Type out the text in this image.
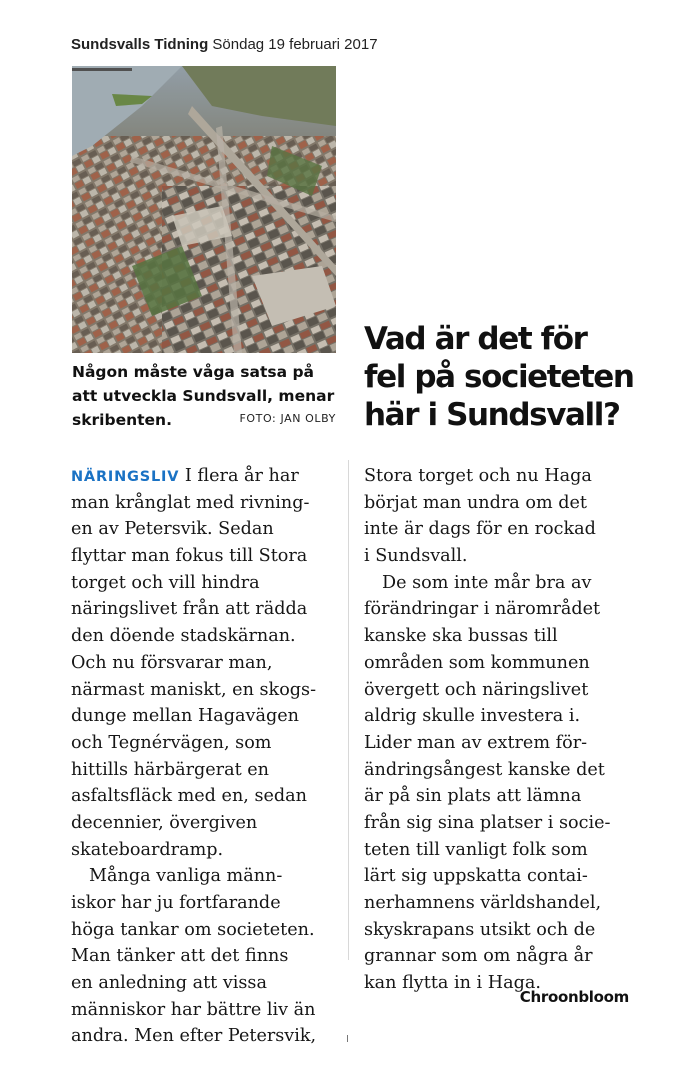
Sundsvalls Tidning Söndag 19 februari 2017
Någon måste våga satsa på
att utveckla Sundsvall, menar
skribenten.	FOTO: JAN OLBY
Vad är det för
fel på societeten
här i Sundsvall?
NÄRINGSLIV I flera år har
man krånglat med rivning-
en av Petersvik. Sedan
flyttar man fokus till Stora
torget och vill hindra
näringslivet från att rädda
den döende stadskärnan.
Och nu försvarar man,
närmast maniskt, en skogs-
dunge mellan Hagavägen
och Tegnérvägen, som
hittills härbärgerat en
asfaltsfläck med en, sedan
decennier, övergiven
skateboardramp.
Många vanliga männ-
iskor har ju fortfarande
höga tankar om societeten.
Man tänker att det finns
en anledning att vissa
människor har bättre liv än
andra. Men efter Petersvik,
Stora torget och nu Haga
börjat man undra om det
inte är dags för en rockad
i Sundsvall.
De som inte mår bra av
förändringar i närområdet
kanske ska bussas till
områden som kommunen
övergett och näringslivet
aldrig skulle investera i.
Lider man av extrem för-
ändringsångest kanske det
är på sin plats att lämna
från sig sina platser i socie-
teten till vanligt folk som
lärt sig uppskatta contai-
nerhamnens världshandel,
skyskrapans utsikt och de
grannar som om några år
kan flytta in i Haga.
Chroonbloom
